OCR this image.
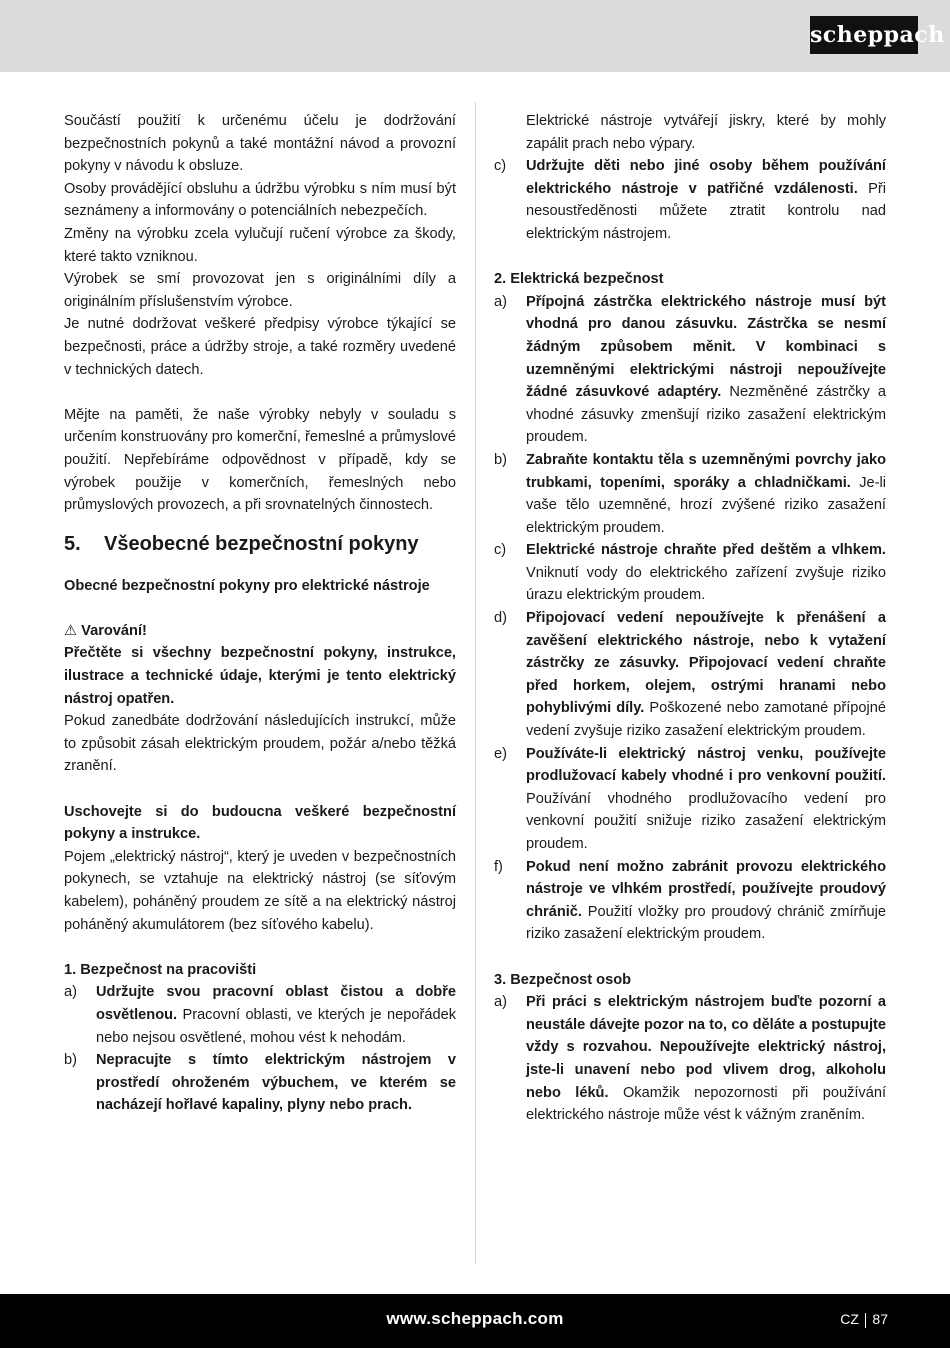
scheppach

Součástí použití k určenému účelu je dodržování bezpečnostních pokynů a také montážní návod a provozní pokyny v návodu k obsluze.

Osoby provádějící obsluhu a údržbu výrobku s ním musí být seznámeny a informovány o potenciálních nebezpečích.

Změny na výrobku zcela vylučují ručení výrobce za škody, které takto vzniknou.

Výrobek se smí provozovat jen s originálními díly a originálním příslušenstvím výrobce.

Je nutné dodržovat veškeré předpisy výrobce týkající se bezpečnosti, práce a údržby stroje, a také rozměry uvedené v technických datech.

Mějte na paměti, že naše výrobky nebyly v souladu s určením konstruovány pro komerční, řemeslné a průmyslové použití. Nepřebíráme odpovědnost v případě, kdy se výrobek použije v komerčních, řemeslných nebo průmyslových provozech, a při srovnatelných činnostech.

5. Všeobecné bezpečnostní pokyny

Obecné bezpečnostní pokyny pro elektrické nástroje

⚠ Varování!

Přečtěte si všechny bezpečnostní pokyny, instrukce, ilustrace a technické údaje, kterými je tento elektrický nástroj opatřen.

Pokud zanedbáte dodržování následujících instrukcí, může to způsobit zásah elektrickým proudem, požár a/nebo těžká zranění.

Uschovejte si do budoucna veškeré bezpečnostní pokyny a instrukce.

Pojem „elektrický nástroj“, který je uveden v bezpečnostních pokynech, se vztahuje na elektrický nástroj (se síťovým kabelem), poháněný proudem ze sítě a na elektrický nástroj poháněný akumulátorem (bez síťového kabelu).

1. Bezpečnost na pracovišti

a)	Udržujte svou pracovní oblast čistou a dobře osvětlenou. Pracovní oblasti, ve kterých je nepořádek nebo nejsou osvětlené, mohou vést k nehodám.

b)	Nepracujte s tímto elektrickým nástrojem v prostředí ohroženém výbuchem, ve kterém se nacházejí hořlavé kapaliny, plyny nebo prach.

Elektrické nástroje vytvářejí jiskry, které by mohly zapálit prach nebo výpary.

c)	Udržujte děti nebo jiné osoby během používání elektrického nástroje v patřičné vzdálenosti. Při nesoustředěnosti můžete ztratit kontrolu nad elektrickým nástrojem.

2. Elektrická bezpečnost

a)	Přípojná zástrčka elektrického nástroje musí být vhodná pro danou zásuvku. Zástrčka se nesmí žádným způsobem měnit. V kombinaci s uzemněnými elektrickými nástroji nepoužívejte žádné zásuvkové adaptéry. Nezměněné zástrčky a vhodné zásuvky zmenšují riziko zasažení elektrickým proudem.

b)	Zabraňte kontaktu těla s uzemněnými povrchy jako trubkami, topeními, sporáky a chladničkami. Je-li vaše tělo uzemněné, hrozí zvýšené riziko zasažení elektrickým proudem.

c)	Elektrické nástroje chraňte před deštěm a vlhkem. Vniknutí vody do elektrického zařízení zvyšuje riziko úrazu elektrickým proudem.

d)	Připojovací vedení nepoužívejte k přenášení a zavěšení elektrického nástroje, nebo k vytažení zástrčky ze zásuvky. Připojovací vedení chraňte před horkem, olejem, ostrými hranami nebo pohyblivými díly. Poškozené nebo zamotané přípojné vedení zvyšuje riziko zasažení elektrickým proudem.

e)	Používáte-li elektrický nástroj venku, používejte prodlužovací kabely vhodné i pro venkovní použití. Používání vhodného prodlužovacího vedení pro venkovní použití snižuje riziko zasažení elektrickým proudem.

f)	Pokud není možno zabránit provozu elektrického nástroje ve vlhkém prostředí, používejte proudový chránič. Použití vložky pro proudový chránič zmírňuje riziko zasažení elektrickým proudem.

3. Bezpečnost osob

a)	Při práci s elektrickým nástrojem buďte pozorní a neustále dávejte pozor na to, co děláte a postupujte vždy s rozvahou. Nepoužívejte elektrický nástroj, jste-li unavení nebo pod vlivem drog, alkoholu nebo léků. Okamžik nepozornosti při používání elektrického nástroje může vést k vážným zraněním.

www.scheppach.com	CZ 87
